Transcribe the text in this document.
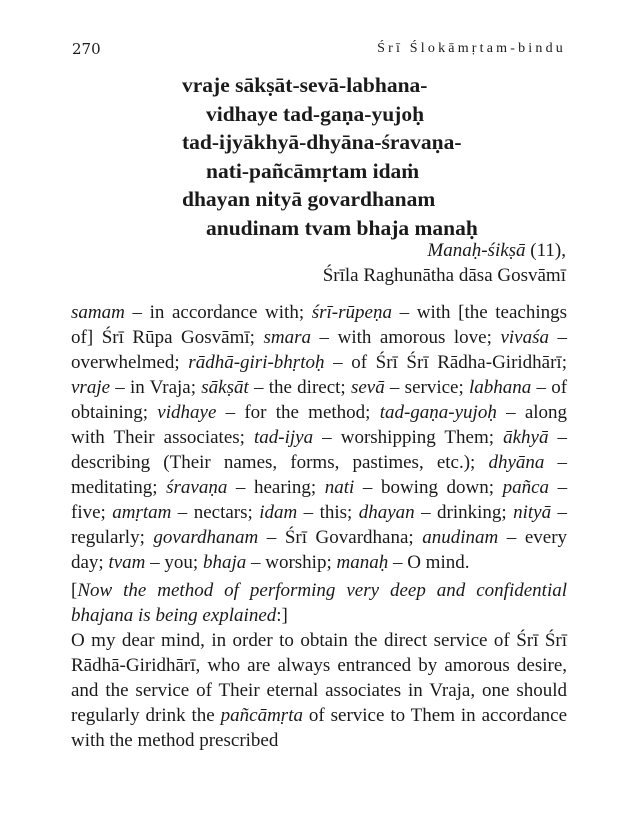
270	Śrī Ślokāmṛtam-bindu
vraje sākṣāt-sevā-labhana-
vidhaye tad-gaṇa-yujoḥ
tad-ijyākhyā-dhyāna-śravaṇa-
nati-pañcāmṛtam idaṁ
dhayan nityā govardhanam
anudinam tvam bhaja manaḥ
Manaḥ-śikṣā (11),
Śrīla Raghunātha dāsa Gosvāmī
samam – in accordance with; śrī-rūpeṇa – with [the teachings of] Śrī Rūpa Gosvāmī; smara – with amorous love; vivaśa – overwhelmed; rādhā-giri-bhṛtoḥ – of Śrī Śrī Rādha-Giridhārī; vraje – in Vraja; sākṣāt – the direct; sevā – service; labhana – of obtaining; vidhaye – for the method; tad-gaṇa-yujoḥ – along with Their associates; tad-ijya – worshipping Them; ākhyā – describing (Their names, forms, pastimes, etc.); dhyāna – meditating; śravaṇa – hearing; nati – bowing down; pañca – five; amṛtam – nectars; idam – this; dhayan – drinking; nityā – regularly; govardhanam – Śrī Govardhana; anudinam – every day; tvam – you; bhaja – worship; manaḥ – O mind.

[Now the method of performing very deep and confidential bhajana is being explained:]

O my dear mind, in order to obtain the direct service of Śrī Śrī Rādhā-Giridhārī, who are always entranced by amorous desire, and the service of Their eternal associates in Vraja, one should regularly drink the pañcāmṛta of service to Them in accordance with the method prescribed
